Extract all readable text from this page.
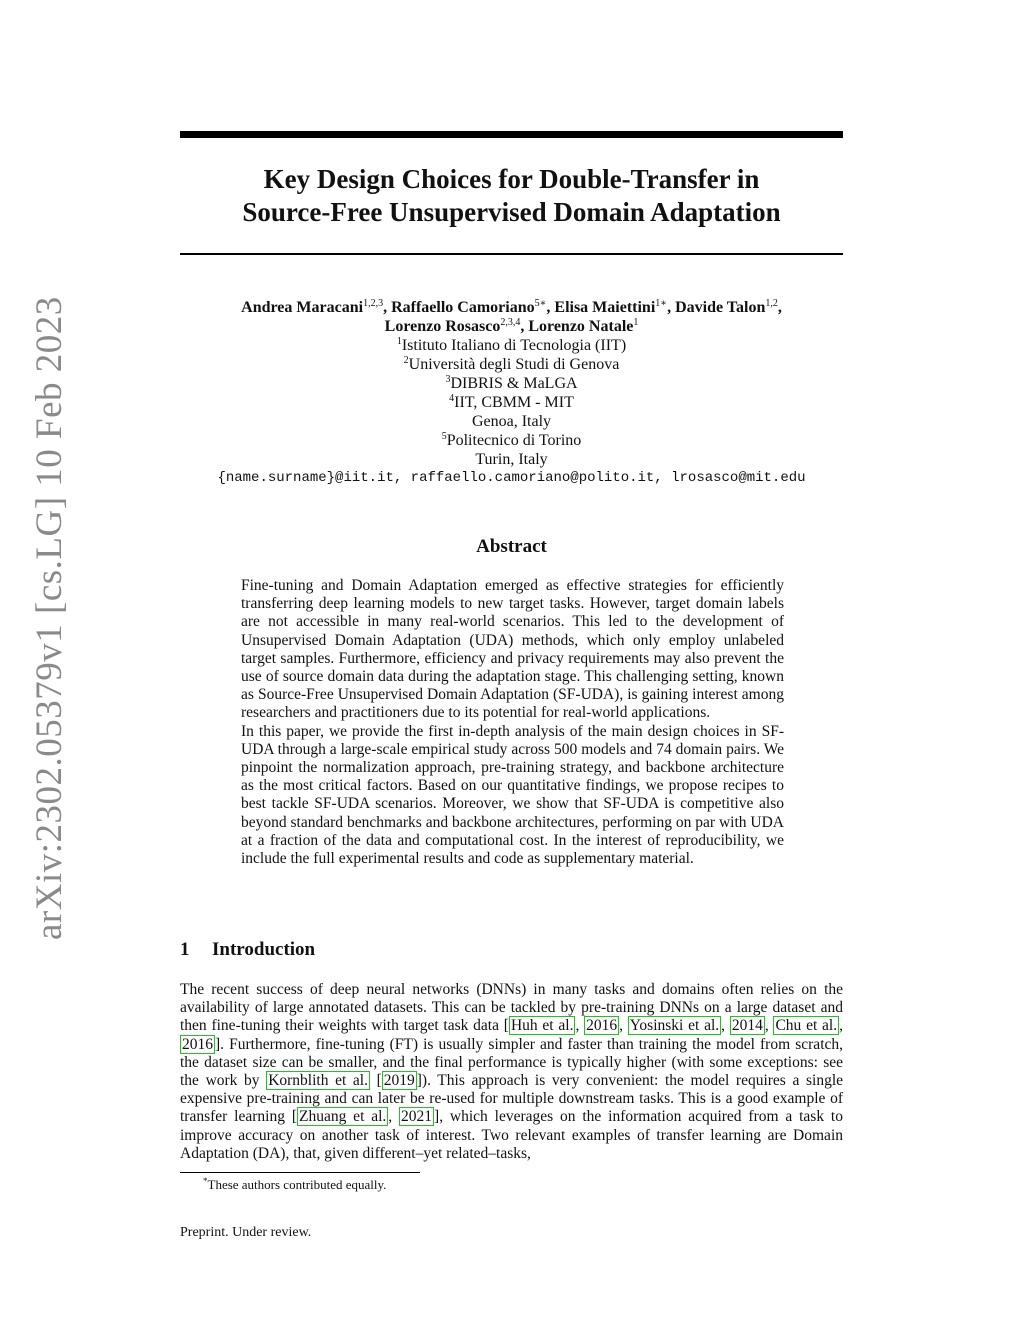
arXiv:2302.05379v1 [cs.LG] 10 Feb 2023
Key Design Choices for Double-Transfer in
Source-Free Unsupervised Domain Adaptation
Andrea Maracani$^{1,2,3}$, Raffaello Camoriano$^{5∗}$, Elisa Maiettini$^{1∗}$, Davide Talon$^{1,2}$,
Lorenzo Rosasco$^{2,3,4}$, Lorenzo Natale$^1$
$^1$Istituto Italiano di Tecnologia (IIT)
$^2$Università degli Studi di Genova
$^3$DIBRIS & MaLGA
$^4$IIT, CBMM - MIT
Genoa, Italy
$^5$Politecnico di Torino
Turin, Italy
{name.surname}@iit.it, raffaello.camoriano@polito.it, lrosasco@mit.edu
Abstract

Fine-tuning and Domain Adaptation emerged as effective strategies for efficiently transferring deep learning models to new target tasks. However, target domain labels are not accessible in many real-world scenarios. This led to the development of Unsupervised Domain Adaptation (UDA) methods, which only employ unlabeled target samples. Furthermore, efficiency and privacy requirements may also prevent the use of source domain data during the adaptation stage. This challenging setting, known as Source-Free Unsupervised Domain Adaptation (SF-UDA), is gaining interest among researchers and practitioners due to its potential for real-world applications.

In this paper, we provide the first in-depth analysis of the main design choices in SF-UDA through a large-scale empirical study across 500 models and 74 domain pairs. We pinpoint the normalization approach, pre-training strategy, and backbone architecture as the most critical factors. Based on our quantitative findings, we propose recipes to best tackle SF-UDA scenarios. Moreover, we show that SF-UDA is competitive also beyond standard benchmarks and backbone architectures, performing on par with UDA at a fraction of the data and computational cost. In the interest of reproducibility, we include the full experimental results and code as supplementary material.

1 Introduction

The recent success of deep neural networks (DNNs) in many tasks and domains often relies on the availability of large annotated datasets. This can be tackled by pre-training DNNs on a large dataset and then fine-tuning their weights with target task data [ Huh et al. , 2016 , Yosinski et al. , 2014 , Chu et al. , 2016 ]. Furthermore, fine-tuning (FT) is usually simpler and faster than training the model from scratch, the dataset size can be smaller, and the final performance is typically higher (with some exceptions: see the work by Kornblith et al. [ 2019 ]). This approach is very convenient: the model requires a single expensive pre-training and can later be re-used for multiple downstream tasks. This is a good example of transfer learning [ Zhuang et al. , 2021 ], which leverages on the information acquired from a task to improve accuracy on another task of interest. Two relevant examples of transfer learning are Domain Adaptation (DA), that, given different–yet related–tasks,

*These authors contributed equally.
Preprint. Under review.
